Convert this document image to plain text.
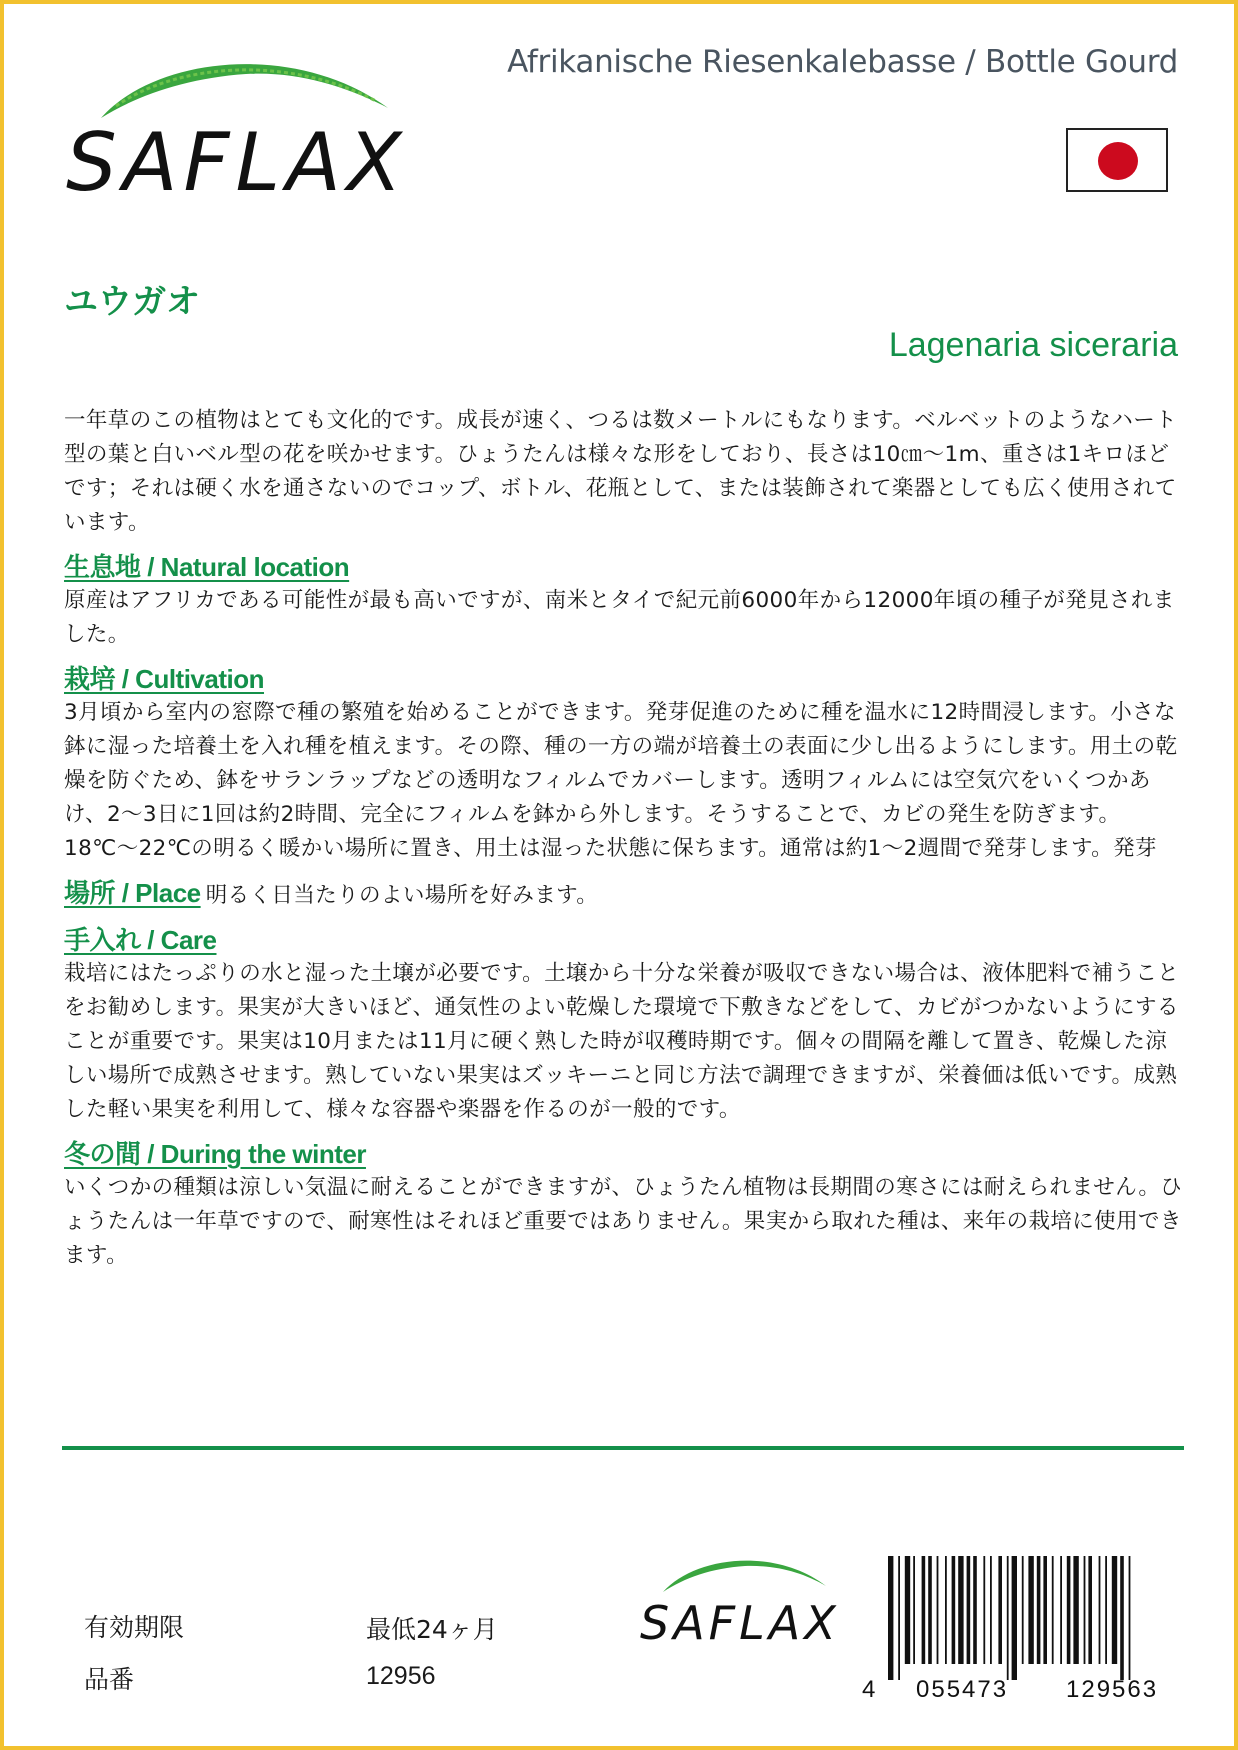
SAFLAX
Afrikanische Riesenkalebasse / Bottle Gourd
ユウガオ
Lagenaria siceraria

一年草のこの植物はとても文化的です。成長が速く、つるは数メートルにもなります。ベルベットのようなハート型の葉と白いベル型の花を咲かせます。ひょうたんは様々な形をしており、長さは10㎝～1m、重さは1キロほどです；それは硬く水を通さないのでコップ、ボトル、花瓶として、または装飾されて楽器としても広く使用されています。

生息地 / Natural location

原産はアフリカである可能性が最も高いですが、南米とタイで紀元前6000年から12000年頃の種子が発見されました。

栽培 / Cultivation

3月頃から室内の窓際で種の繁殖を始めることができます。発芽促進のために種を温水に12時間浸します。小さな鉢に湿った培養土を入れ種を植えます。その際、種の一方の端が培養土の表面に少し出るようにします。用土の乾燥を防ぐため、鉢をサランラップなどの透明なフィルムでカバーします。透明フィルムには空気穴をいくつかあけ、2～3日に1回は約2時間、完全にフィルムを鉢から外します。そうすることで、カビの発生を防ぎます。18℃〜22℃の明るく暖かい場所に置き、用土は湿った状態に保ちます。通常は約1～2週間で発芽します。発芽

場所 / Place 明るく日当たりのよい場所を好みます。
手入れ / Care

栽培にはたっぷりの水と湿った土壌が必要です。土壌から十分な栄養が吸収できない場合は、液体肥料で補うことをお勧めします。果実が大きいほど、通気性のよい乾燥した環境で下敷きなどをして、カビがつかないようにすることが重要です。果実は10月または11月に硬く熟した時が収穫時期です。個々の間隔を離して置き、乾燥した涼しい場所で成熟させます。熟していない果実はズッキーニと同じ方法で調理できますが、栄養価は低いです。成熟した軽い果実を利用して、様々な容器や楽器を作るのが一般的です。

冬の間 / During the winter

いくつかの種類は涼しい気温に耐えることができますが、ひょうたん植物は長期間の寒さには耐えられません。ひょうたんは一年草ですので、耐寒性はそれほど重要ではありません。果実から取れた種は、来年の栽培に使用できます。

有効期限	最低24ヶ月
品番	12956
SAFLAX
4 055473 129563
